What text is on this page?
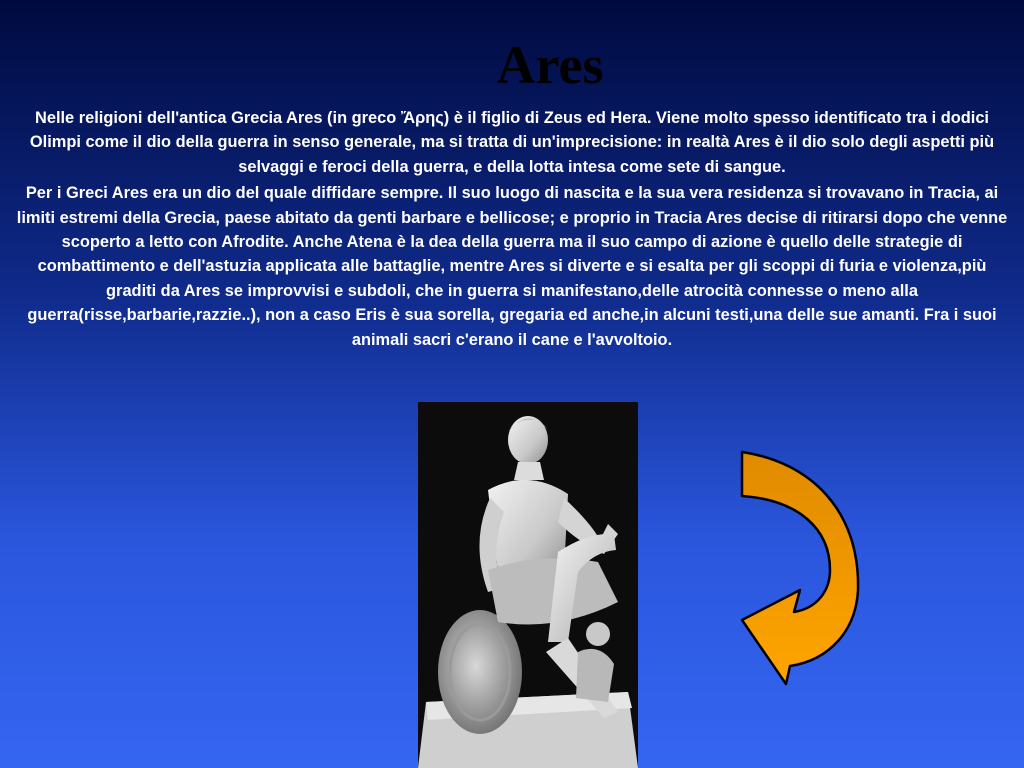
Ares

Nelle religioni dell'antica Grecia Ares (in greco Ἄρης) è il figlio di Zeus ed Hera. Viene molto spesso identificato tra i dodici Olimpi come il dio della guerra in senso generale, ma si tratta di un'imprecisione: in realtà Ares è il dio solo degli aspetti più selvaggi e feroci della guerra, e della lotta intesa come sete di sangue.

Per i Greci Ares era un dio del quale diffidare sempre. Il suo luogo di nascita e la sua vera residenza si trovavano in Tracia, ai limiti estremi della Grecia, paese abitato da genti barbare e bellicose; e proprio in Tracia Ares decise di ritirarsi dopo che venne scoperto a letto con Afrodite. Anche Atena è la dea della guerra ma il suo campo di azione è quello delle strategie di combattimento e dell'astuzia applicata alle battaglie, mentre Ares si diverte e si esalta per gli scoppi di furia e violenza,più graditi da Ares se improvvisi e subdoli, che in guerra si manifestano,delle atrocità connesse o meno alla guerra(risse,barbarie,razzie..), non a caso Eris è sua sorella, gregaria ed anche,in alcuni testi,una delle sue amanti. Fra i suoi animali sacri c'erano il cane e l'avvoltoio.
